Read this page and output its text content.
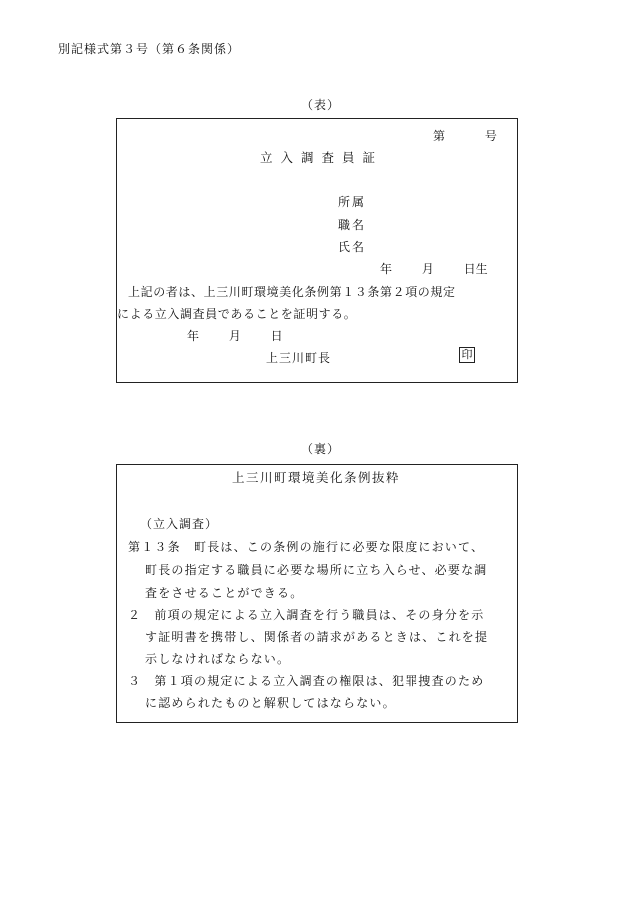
別記様式第３号（第６条関係）
（表）
第 号
立入調査員証
所属
職名
氏名
年 月 日生
上記の者は、上三川町環境美化条例第１３条第２項の規定
による立入調査員であることを証明する。
年 月 日
上三川町長	印
（裏）
上三川町環境美化条例抜粋
（立入調査）
第１３条　町長は、この条例の施行に必要な限度において、
町長の指定する職員に必要な場所に立ち入らせ、必要な調
査をさせることができる。
２　前項の規定による立入調査を行う職員は、その身分を示
す証明書を携帯し、関係者の請求があるときは、これを提
示しなければならない。
３　第１項の規定による立入調査の権限は、犯罪捜査のため
に認められたものと解釈してはならない。
